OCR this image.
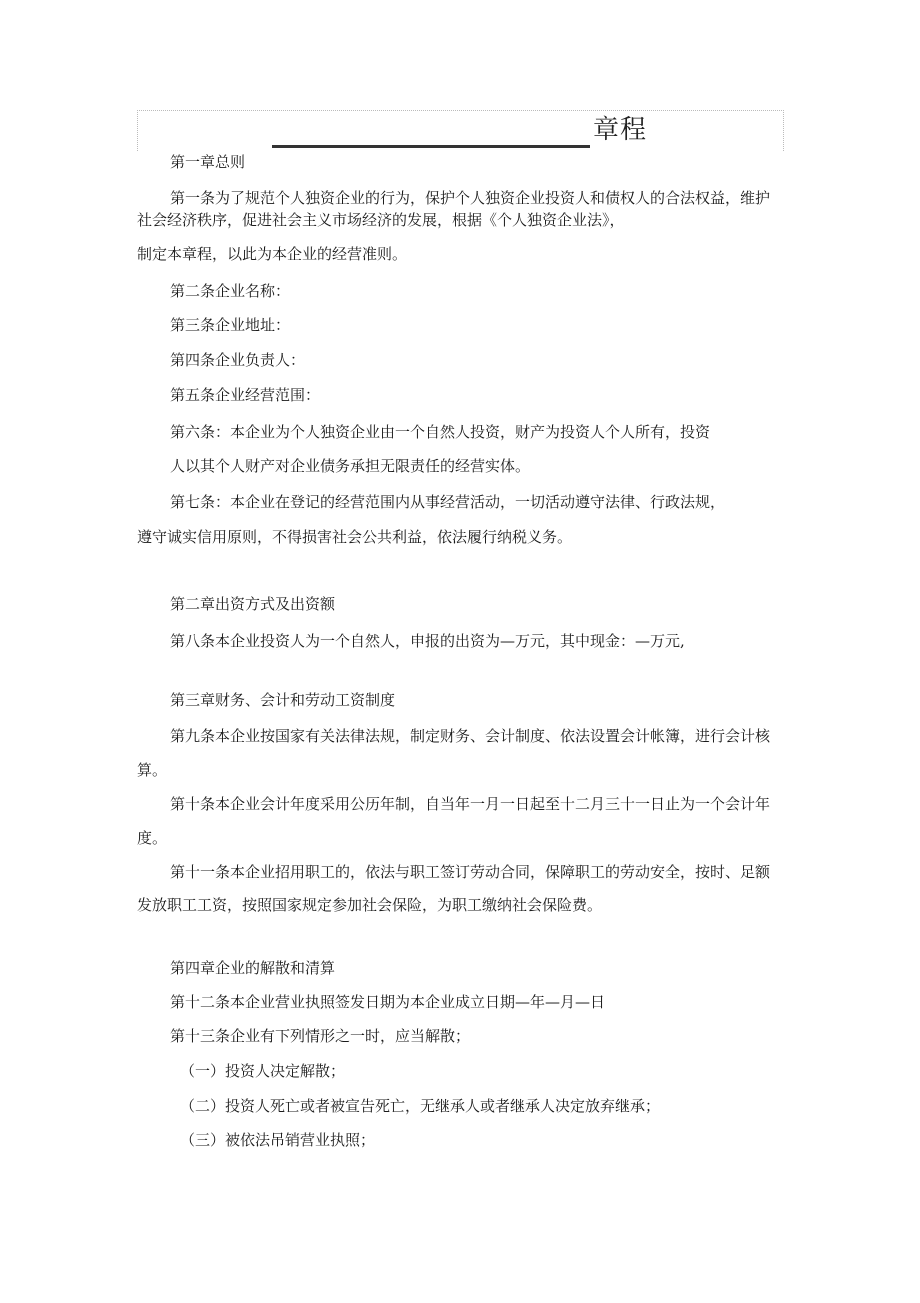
章程
第一章总则
第一条为了规范个人独资企业的行为，保护个人独资企业投资人和债权人的合法权益，维护
社会经济秩序，促进社会主义市场经济的发展，根据《个人独资企业法》，
制定本章程，以此为本企业的经营准则。
第二条企业名称：
第三条企业地址：
第四条企业负责人：
第五条企业经营范围：
第六条：本企业为个人独资企业由一个自然人投资，财产为投资人个人所有，投资
人以其个人财产对企业债务承担无限责任的经营实体。
第七条：本企业在登记的经营范围内从事经营活动，一切活动遵守法律、行政法规，
遵守诚实信用原则，不得损害社会公共利益，依法履行纳税义务。
第二章出资方式及出资额
第八条本企业投资人为一个自然人，申报的出资为—万元，其中现金：—万元,
第三章财务、会计和劳动工资制度
第九条本企业按国家有关法律法规，制定财务、会计制度、依法设置会计帐簿，进行会计核
算。
第十条本企业会计年度采用公历年制，自当年一月一日起至十二月三十一日止为一个会计年
度。
第十一条本企业招用职工的，依法与职工签订劳动合同，保障职工的劳动安全，按时、足额
发放职工工资，按照国家规定参加社会保险，为职工缴纳社会保险费。
第四章企业的解散和清算
第十二条本企业营业执照签发日期为本企业成立日期—年—月—日
第十三条企业有下列情形之一时，应当解散；
（一）投资人决定解散；
（二）投资人死亡或者被宣告死亡，无继承人或者继承人决定放弃继承；
（三）被依法吊销营业执照；
